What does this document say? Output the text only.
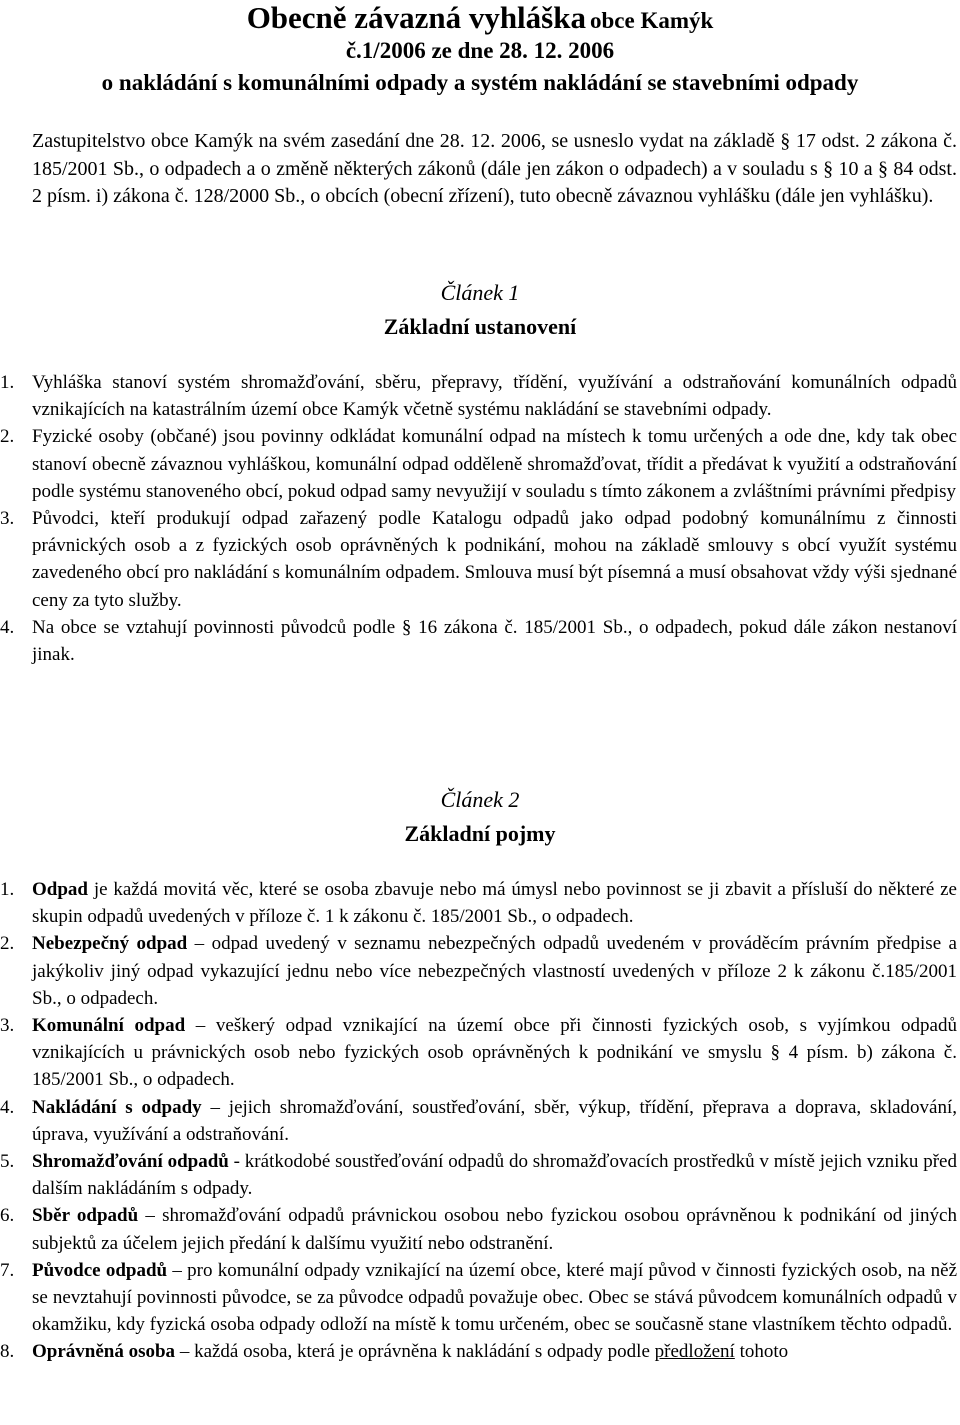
Obecně závazná vyhláška obce Kamýk
č.1/2006 ze dne 28. 12. 2006
o nakládání s komunálními odpady a systém nakládání se stavebními odpady
Zastupitelstvo obce Kamýk na svém zasedání dne 28. 12. 2006, se usneslo vydat na základě § 17 odst. 2 zákona č. 185/2001 Sb., o odpadech a o změně některých zákonů (dále jen zákon o odpadech) a v souladu s § 10 a § 84 odst. 2 písm. i) zákona č. 128/2000 Sb., o obcích (obecní zřízení), tuto obecně závaznou vyhlášku (dále jen vyhlášku).
Článek 1
Základní ustanovení
1. Vyhláška stanoví systém shromažďování, sběru, přepravy, třídění, využívání a odstraňování komunálních odpadů vznikajících na katastrálním území obce Kamýk včetně systému nakládání se stavebními odpady.
2. Fyzické osoby (občané) jsou povinny odkládat komunální odpad na místech k tomu určených a ode dne, kdy tak obec stanoví obecně závaznou vyhláškou, komunální odpad odděleně shromažďovat, třídit a předávat k využití a odstraňování podle systému stanoveného obcí, pokud odpad samy nevyužijí v souladu s tímto zákonem a zvláštními právními předpisy
3. Původci, kteří produkují odpad zařazený podle Katalogu odpadů jako odpad podobný komunálnímu z činnosti právnických osob a z fyzických osob oprávněných k podnikání, mohou na základě smlouvy s obcí využít systému zavedeného obcí pro nakládání s komunálním odpadem. Smlouva musí být písemná a musí obsahovat vždy výši sjednané ceny za tyto služby.
4. Na obce se vztahují povinnosti původců podle § 16 zákona č. 185/2001 Sb., o odpadech, pokud dále zákon nestanoví jinak.
Článek 2
Základní pojmy
1. Odpad je každá movitá věc, které se osoba zbavuje nebo má úmysl nebo povinnost se ji zbavit a přísluší do některé ze skupin odpadů uvedených v příloze č. 1 k zákonu č. 185/2001 Sb., o odpadech.
2. Nebezpečný odpad – odpad uvedený v seznamu nebezpečných odpadů uvedeném v prováděcím právním předpise a jakýkoliv jiný odpad vykazující jednu nebo více nebezpečných vlastností uvedených v příloze 2 k zákonu č.185/2001 Sb., o odpadech.
3. Komunální odpad – veškerý odpad vznikající na území obce při činnosti fyzických osob, s vyjímkou odpadů vznikajících u právnických osob nebo fyzických osob oprávněných k podnikání ve smyslu § 4 písm. b) zákona č. 185/2001 Sb., o odpadech.
4. Nakládání s odpady – jejich shromažďování, soustřeďování, sběr, výkup, třídění, přeprava a doprava, skladování, úprava, využívání a odstraňování.
5. Shromažďování odpadů - krátkodobé soustřeďování odpadů do shromažďovacích prostředků v místě jejich vzniku před dalším nakládáním s odpady.
6. Sběr odpadů – shromažďování odpadů právnickou osobou nebo fyzickou osobou oprávněnou k podnikání od jiných subjektů za účelem jejich předání k dalšímu využití nebo odstranění.
7. Původce odpadů – pro komunální odpady vznikající na území obce, které mají původ v činnosti fyzických osob, na něž se nevztahují povinnosti původce, se za původce odpadů považuje obec. Obec se stává původcem komunálních odpadů v okamžiku, kdy fyzická osoba odpady odloží na místě k tomu určeném, obec se současně stane vlastníkem těchto odpadů.
8. Oprávněná osoba – každá osoba, která je oprávněna k nakládání s odpady podle předložení tohoto
